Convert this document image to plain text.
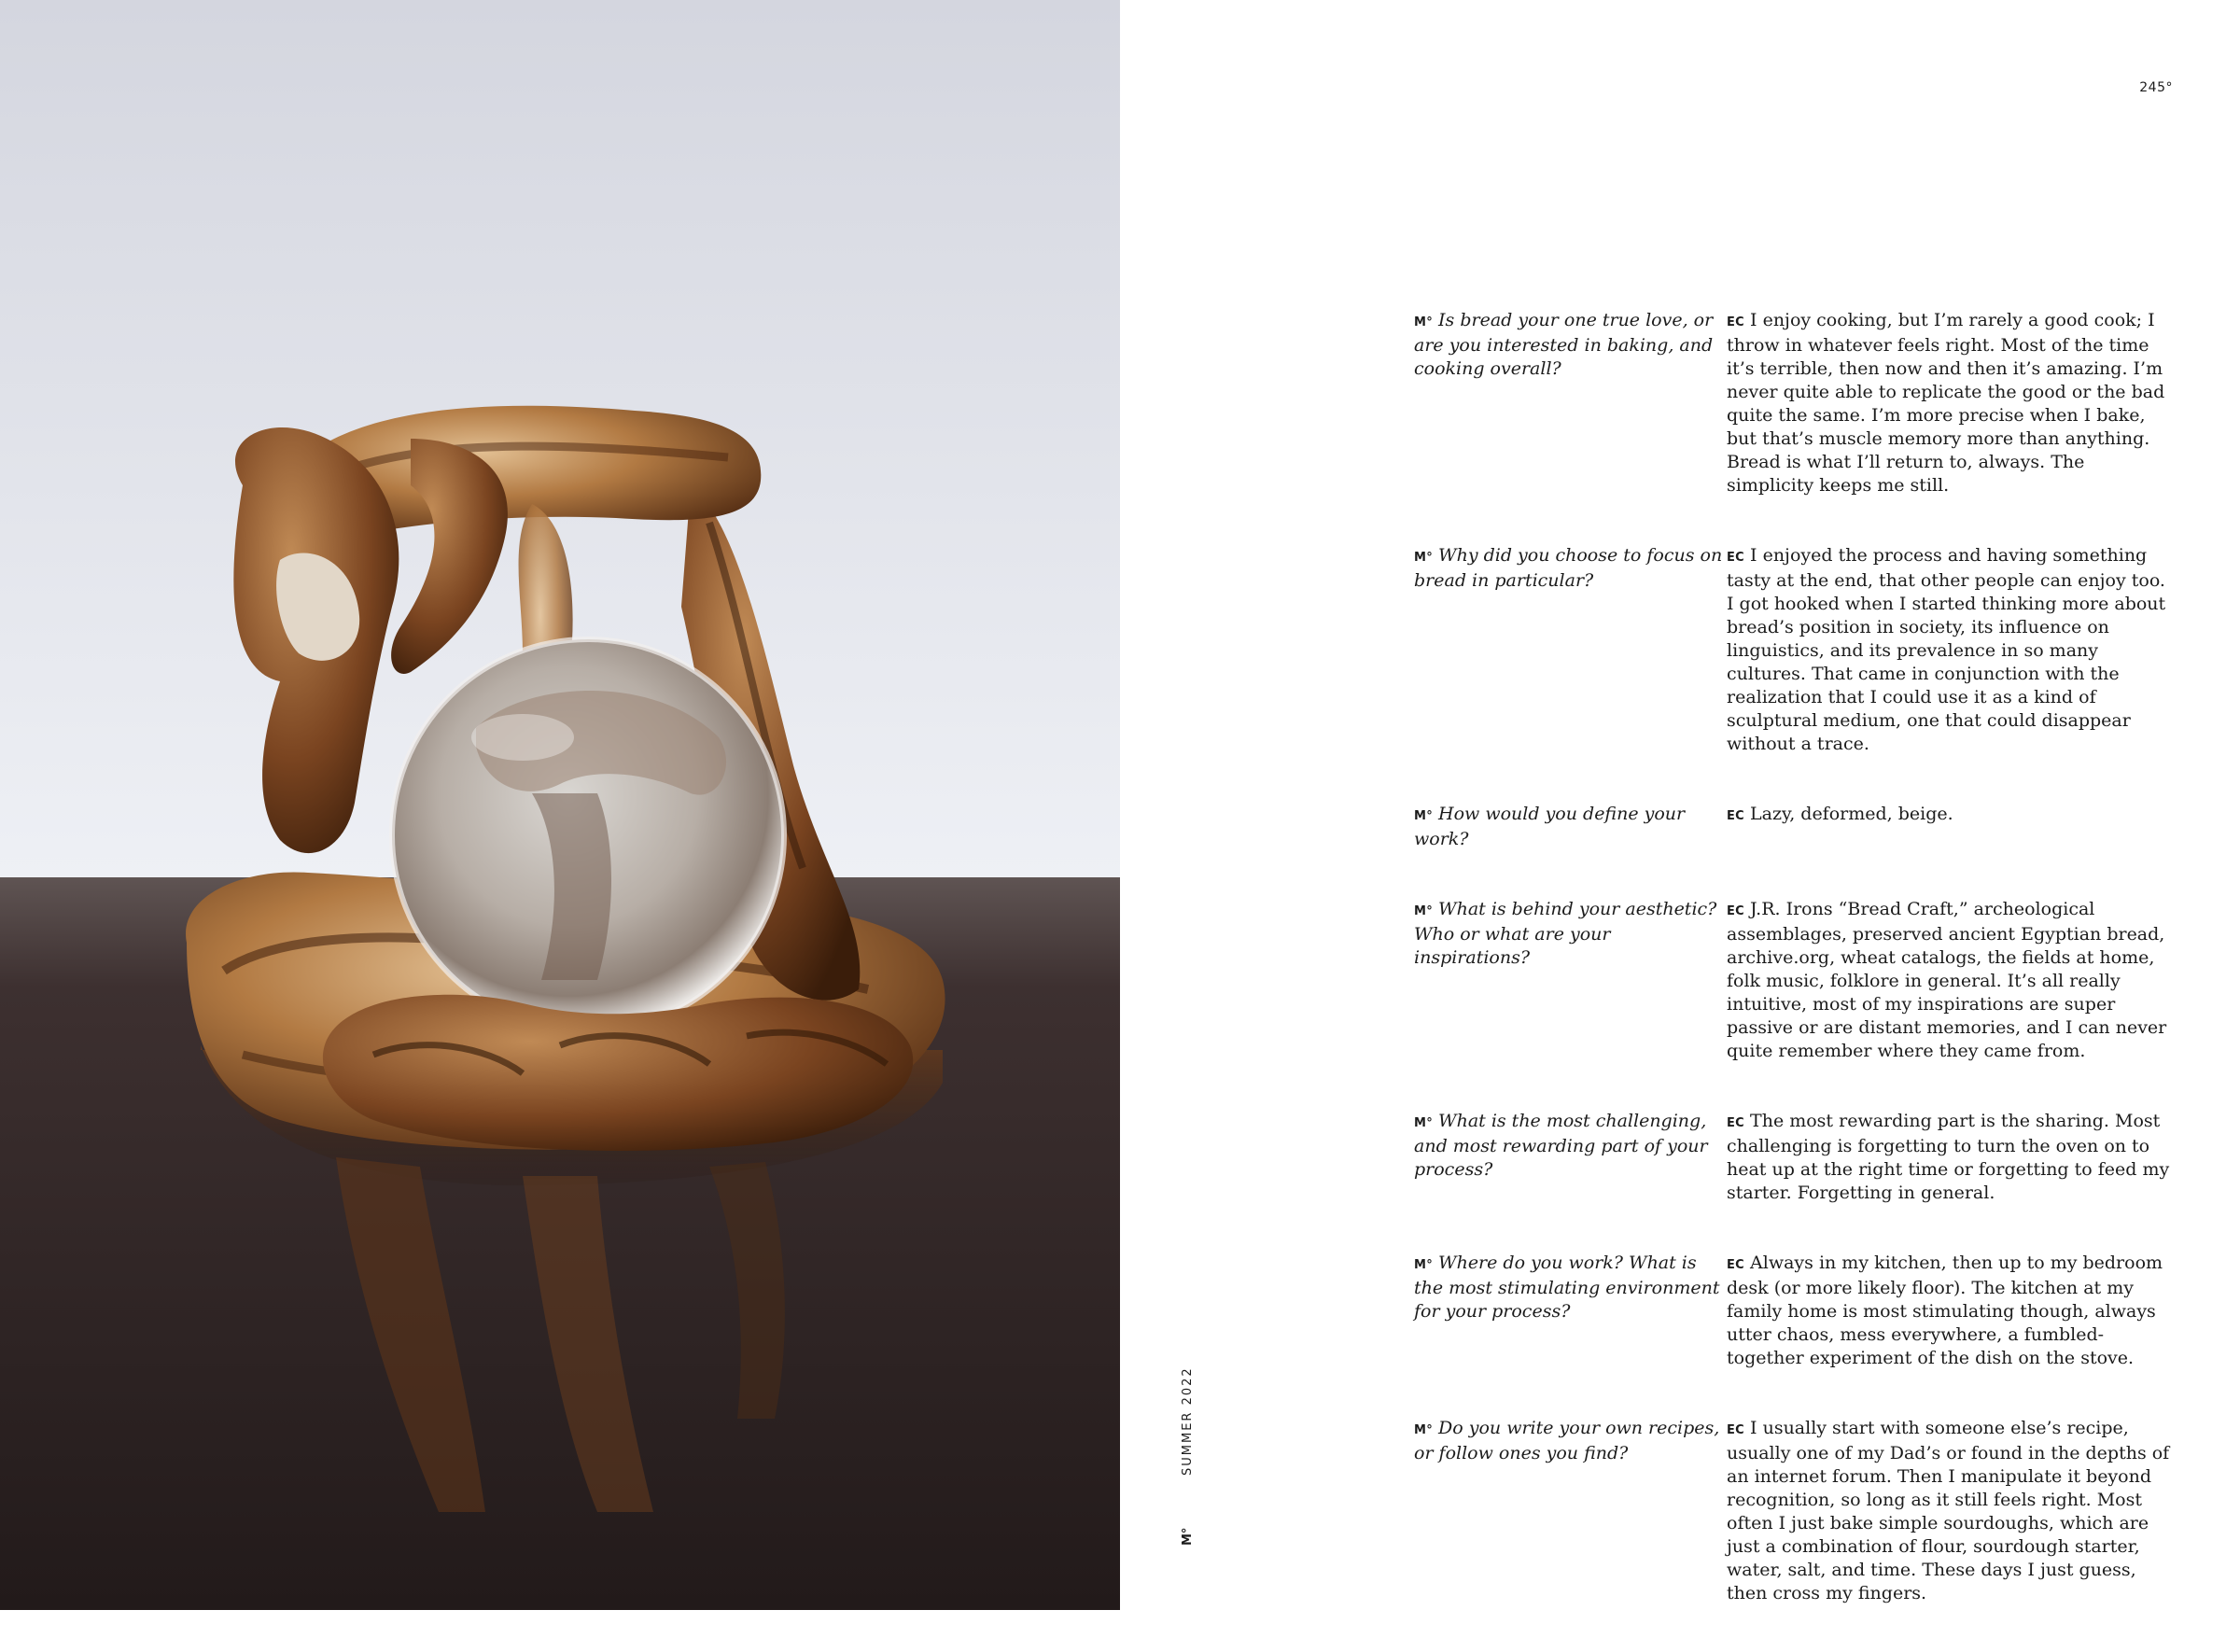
245°
SUMMER 2022
M°
M° Is bread your one true love, or are you interested in baking, and cooking overall?
EC I enjoy cooking, but I’m rarely a good cook; I throw in whatever feels right. Most of the time it’s terrible, then now and then it’s amazing. I’m never quite able to replicate the good or the bad quite the same. I’m more precise when I bake, but that’s muscle memory more than anything. Bread is what I’ll return to, always. The simplicity keeps me still.
M° Why did you choose to focus on bread in particular?
EC I enjoyed the process and having something tasty at the end, that other people can enjoy too. I got hooked when I started thinking more about bread’s position in society, its influence on linguistics, and its prevalence in so many cultures. That came in conjunction with the realization that I could use it as a kind of sculptural medium, one that could disappear without a trace.
M° How would you define your work?
EC Lazy, deformed, beige.
M° What is behind your aesthetic? Who or what are your inspirations?
EC J.R. Irons “Bread Craft,” archeological assemblages, preserved ancient Egyptian bread, archive.org, wheat catalogs, the fields at home, folk music, folklore in general. It’s all really intuitive, most of my inspirations are super passive or are distant memories, and I can never quite remember where they came from.
M° What is the most challenging, and most rewarding part of your process?
EC The most rewarding part is the sharing. Most challenging is forgetting to turn the oven on to heat up at the right time or forgetting to feed my starter. Forgetting in general.
M° Where do you work? What is the most stimulating environment for your process?
EC Always in my kitchen, then up to my bedroom desk (or more likely floor). The kitchen at my family home is most stimulating though, always utter chaos, mess everywhere, a fumbled-together experiment of the dish on the stove.
M° Do you write your own recipes, or follow ones you find?
EC I usually start with someone else’s recipe, usually one of my Dad’s or found in the depths of an internet forum. Then I manipulate it beyond recognition, so long as it still feels right. Most often I just bake simple sourdoughs, which are just a combination of flour, sourdough starter, water, salt, and time. These days I just guess, then cross my fingers.
